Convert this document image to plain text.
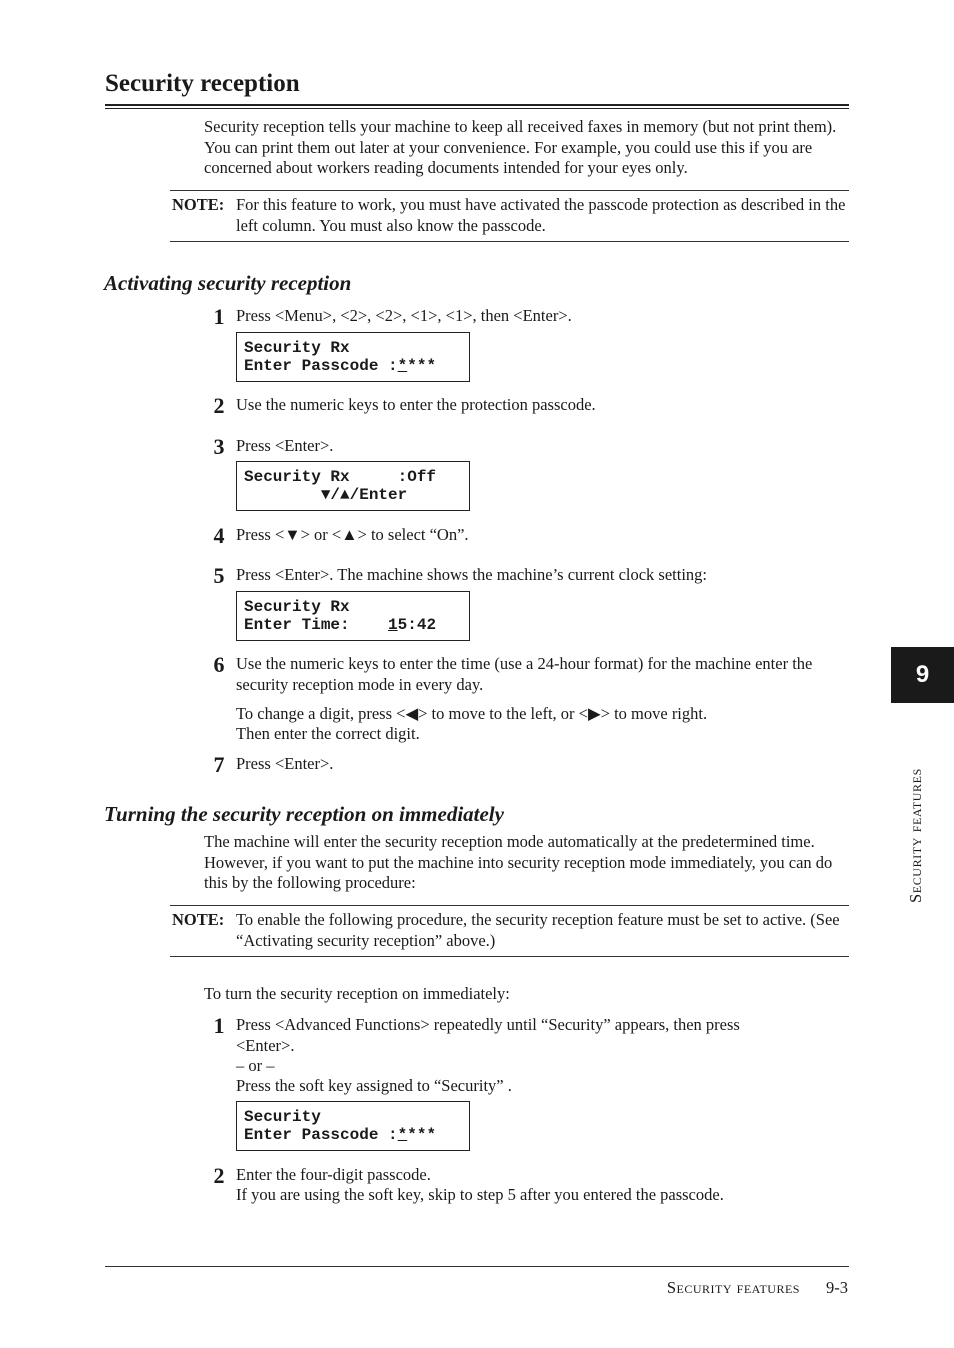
Security reception
Security reception tells your machine to keep all received faxes in memory (but not print them). You can print them out later at your convenience. For example, you could use this if you are concerned about workers reading documents intended for your eyes only.
NOTE: For this feature to work, you must have activated the passcode protection as described in the left column. You must also know the passcode.
Activating security reception
1 Press <Menu>, <2>, <2>, <1>, <1>, then <Enter>.
Security Rx
Enter Passcode :****
2 Use the numeric keys to enter the protection passcode.
3 Press <Enter>.
Security Rx     :Off
▼/▲/Enter
4 Press <▼> or <▲> to select “On”.
5 Press <Enter>. The machine shows the machine’s current clock setting:
Security Rx
Enter Time:    15:42
6 Use the numeric keys to enter the time (use a 24-hour format) for the machine enter the security reception mode in every day.
To change a digit, press <◀> to move to the left, or <▶> to move right.
Then enter the correct digit.
7 Press <Enter>.
Turning the security reception on immediately
The machine will enter the security reception mode automatically at the predetermined time. However, if you want to put the machine into security reception mode immediately, you can do this by the following procedure:
NOTE: To enable the following procedure, the security reception feature must be set to active. (See “Activating security reception” above.)
To turn the security reception on immediately:
1 Press <Advanced Functions> repeatedly until “Security” appears, then press
<Enter>.
– or –
Press the soft key assigned to “Security” .
Security
Enter Passcode :****
2 Enter the four-digit passcode.
If you are using the soft key, skip to step 5 after you entered the passcode.
9
Security features
Security features 9-3
